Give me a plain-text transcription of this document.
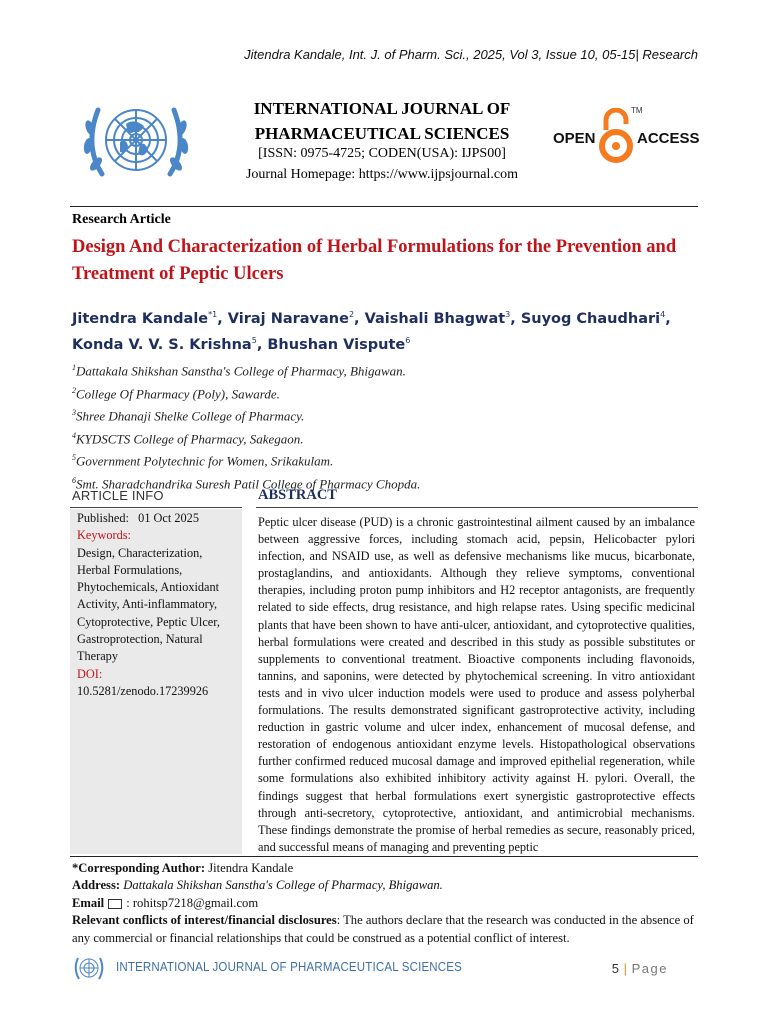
Jitendra Kandale, Int. J. of Pharm. Sci., 2025, Vol 3, Issue 10, 05-15| Research
INTERNATIONAL JOURNAL OF
PHARMACEUTICAL SCIENCES
[ISSN: 0975-4725; CODEN(USA): IJPS00]
Journal Homepage: https://www.ijpsjournal.com
OPEN
TM
ACCESS
Research Article
Design And Characterization of Herbal Formulations for the Prevention and Treatment of Peptic Ulcers
Jitendra Kandale$^{*1}$, Viraj Naravane$^2$, Vaishali Bhagwat$^3$, Suyog Chaudhari$^4$, Konda V. V. S. Krishna$^5$, Bhushan Vispute$^6$
$^1$Dattakala Shikshan Sanstha's College of Pharmacy, Bhigawan.
$^2$College Of Pharmacy (Poly), Sawarde.
$^3$Shree Dhanaji Shelke College of Pharmacy.
$^4$KYDSCTS College of Pharmacy, Sakegaon.
$^5$Government Polytechnic for Women, Srikakulam.
$^6$Smt. Sharadchandrika Suresh Patil College of Pharmacy Chopda.
ARTICLE INFO
Published: 01 Oct 2025
Keywords:
Design, Characterization, Herbal Formulations, Phytochemicals, Antioxidant Activity, Anti-inflammatory, Cytoprotective, Peptic Ulcer, Gastroprotection, Natural Therapy
DOI:
10.5281/zenodo.17239926
ABSTRACT
Peptic ulcer disease (PUD) is a chronic gastrointestinal ailment caused by an imbalance between aggressive forces, including stomach acid, pepsin, Helicobacter pylori infection, and NSAID use, as well as defensive mechanisms like mucus, bicarbonate, prostaglandins, and antioxidants. Although they relieve symptoms, conventional therapies, including proton pump inhibitors and H2 receptor antagonists, are frequently related to side effects, drug resistance, and high relapse rates. Using specific medicinal plants that have been shown to have anti-ulcer, antioxidant, and cytoprotective qualities, herbal formulations were created and described in this study as possible substitutes or supplements to conventional treatment. Bioactive components including flavonoids, tannins, and saponins, were detected by phytochemical screening. In vitro antioxidant tests and in vivo ulcer induction models were used to produce and assess polyherbal formulations. The results demonstrated significant gastroprotective activity, including reduction in gastric volume and ulcer index, enhancement of mucosal defense, and restoration of endogenous antioxidant enzyme levels. Histopathological observations further confirmed reduced mucosal damage and improved epithelial regeneration, while some formulations also exhibited inhibitory activity against H. pylori. Overall, the findings suggest that herbal formulations exert synergistic gastroprotective effects through anti-secretory, cytoprotective, antioxidant, and antimicrobial mechanisms. These findings demonstrate the promise of herbal remedies as secure, reasonably priced, and successful means of managing and preventing peptic
*Corresponding Author: Jitendra Kandale
Address: Dattakala Shikshan Sanstha's College of Pharmacy, Bhigawan.
Email : rohitsp7218@gmail.com
Relevant conflicts of interest/financial disclosures: The authors declare that the research was conducted in the absence of any commercial or financial relationships that could be construed as a potential conflict of interest.
INTERNATIONAL JOURNAL OF PHARMACEUTICAL SCIENCES	5 | Page
